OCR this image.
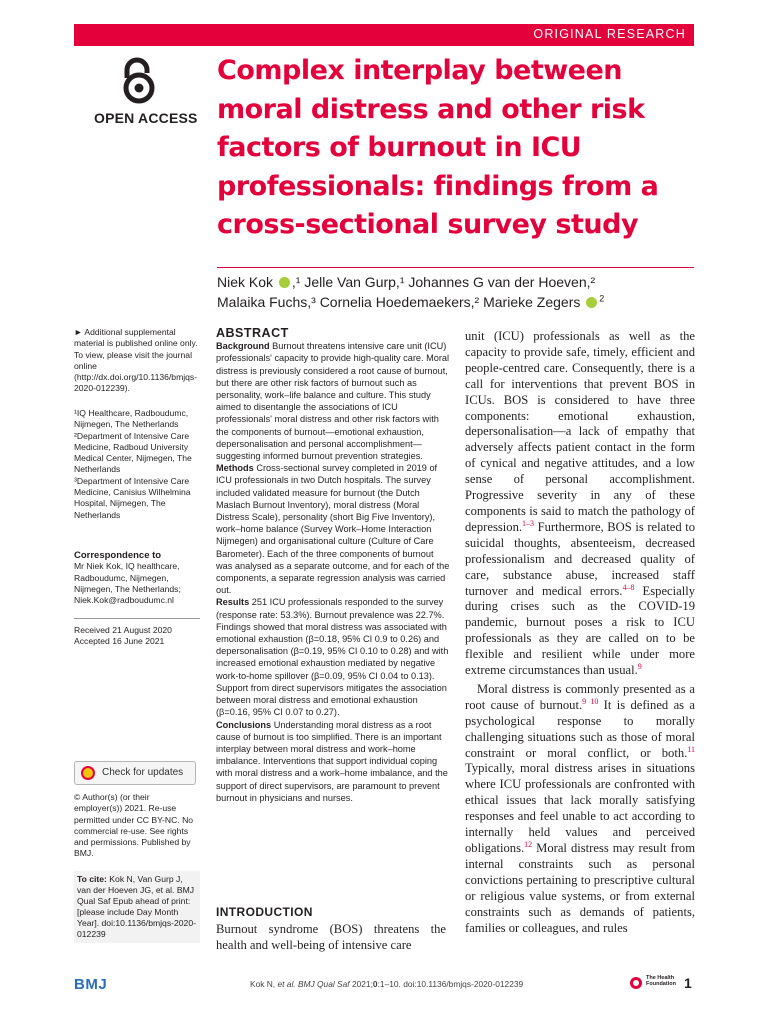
ORIGINAL RESEARCH
OPEN ACCESS
Complex interplay between moral distress and other risk factors of burnout in ICU professionals: findings from a cross-sectional survey study
Niek Kok ,¹ Jelle Van Gurp,¹ Johannes G van der Hoeven,²
Malaika Fuchs,³ Cornelia Hoedemaekers,² Marieke Zegers $^2$

► Additional supplemental material is published online only. To view, please visit the journal online (http://dx.doi.org/10.1136/bmjqs-2020-012239).

¹IQ Healthcare, Radboudumc, Nijmegen, The Netherlands

²Department of Intensive Care Medicine, Radboud University Medical Center, Nijmegen, The Netherlands

³Department of Intensive Care Medicine, Canisius Wilhelmina Hospital, Nijmegen, The Netherlands

Correspondence to

Mr Niek Kok, IQ healthcare, Radboudumc, Nijmegen, Nijmegen, The Netherlands; Niek.Kok@radboudumc.nl

Received 21 August 2020

Accepted 16 June 2021

Check for updates

© Author(s) (or their employer(s)) 2021. Re-use permitted under CC BY-NC. No commercial re-use. See rights and permissions. Published by BMJ.

To cite: Kok N, Van Gurp J, van der Hoeven JG, et al. BMJ Qual Saf Epub ahead of print: [please include Day Month Year]. doi:10.1136/bmjqs-2020-012239
ABSTRACT

Background Burnout threatens intensive care unit (ICU) professionals' capacity to provide high-quality care. Moral distress is previously considered a root cause of burnout, but there are other risk factors of burnout such as personality, work–life balance and culture. This study aimed to disentangle the associations of ICU professionals' moral distress and other risk factors with the components of burnout—emotional exhaustion, depersonalisation and personal accomplishment—suggesting informed burnout prevention strategies.

Methods Cross-sectional survey completed in 2019 of ICU professionals in two Dutch hospitals. The survey included validated measure for burnout (the Dutch Maslach Burnout Inventory), moral distress (Moral Distress Scale), personality (short Big Five Inventory), work–home balance (Survey Work–Home Interaction Nijmegen) and organisational culture (Culture of Care Barometer). Each of the three components of burnout was analysed as a separate outcome, and for each of the components, a separate regression analysis was carried out.

Results 251 ICU professionals responded to the survey (response rate: 53.3%). Burnout prevalence was 22.7%. Findings showed that moral distress was associated with emotional exhaustion (β=0.18, 95% CI 0.9 to 0.26) and depersonalisation (β=0.19, 95% CI 0.10 to 0.28) and with increased emotional exhaustion mediated by negative work-to-home spillover (β=0.09, 95% CI 0.04 to 0.13). Support from direct supervisors mitigates the association between moral distress and emotional exhaustion (β=0.16, 95% CI 0.07 to 0.27).

Conclusions Understanding moral distress as a root cause of burnout is too simplified. There is an important interplay between moral distress and work–home imbalance. Interventions that support individual coping with moral distress and a work–home imbalance, and the support of direct supervisors, are paramount to prevent burnout in physicians and nurses.

INTRODUCTION

Burnout syndrome (BOS) threatens the health and well-being of intensive care

unit (ICU) professionals as well as the capacity to provide safe, timely, efficient and people-centred care. Consequently, there is a call for interventions that prevent BOS in ICUs. BOS is considered to have three components: emotional exhaustion, depersonalisation—a lack of empathy that adversely affects patient contact in the form of cynical and negative attitudes, and a low sense of personal accomplishment. Progressive severity in any of these components is said to match the pathology of depression.$^{1-3}$ Furthermore, BOS is related to suicidal thoughts, absenteeism, decreased professionalism and decreased quality of care, substance abuse, increased staff turnover and medical errors.$^{4-8}$ Especially during crises such as the COVID-19 pandemic, burnout poses a risk to ICU professionals as they are called on to be flexible and resilient while under more extreme circumstances than usual.$^9$

Moral distress is commonly presented as a root cause of burnout.$^{9 10}$ It is defined as a psychological response to morally challenging situations such as those of moral constraint or moral conflict, or both.$^{11}$ Typically, moral distress arises in situations where ICU professionals are confronted with ethical issues that lack morally satisfying responses and feel unable to act according to internally held values and perceived obligations.$^{12}$ Moral distress may result from internal constraints such as personal convictions pertaining to prescriptive cultural or religious value systems, or from external constraints such as demands of patients, families or colleagues, and rules

BMJ	Kok N, et al. BMJ Qual Saf 2021;0:1–10. doi:10.1136/bmjqs-2020-012239
The Health Foundation 1
